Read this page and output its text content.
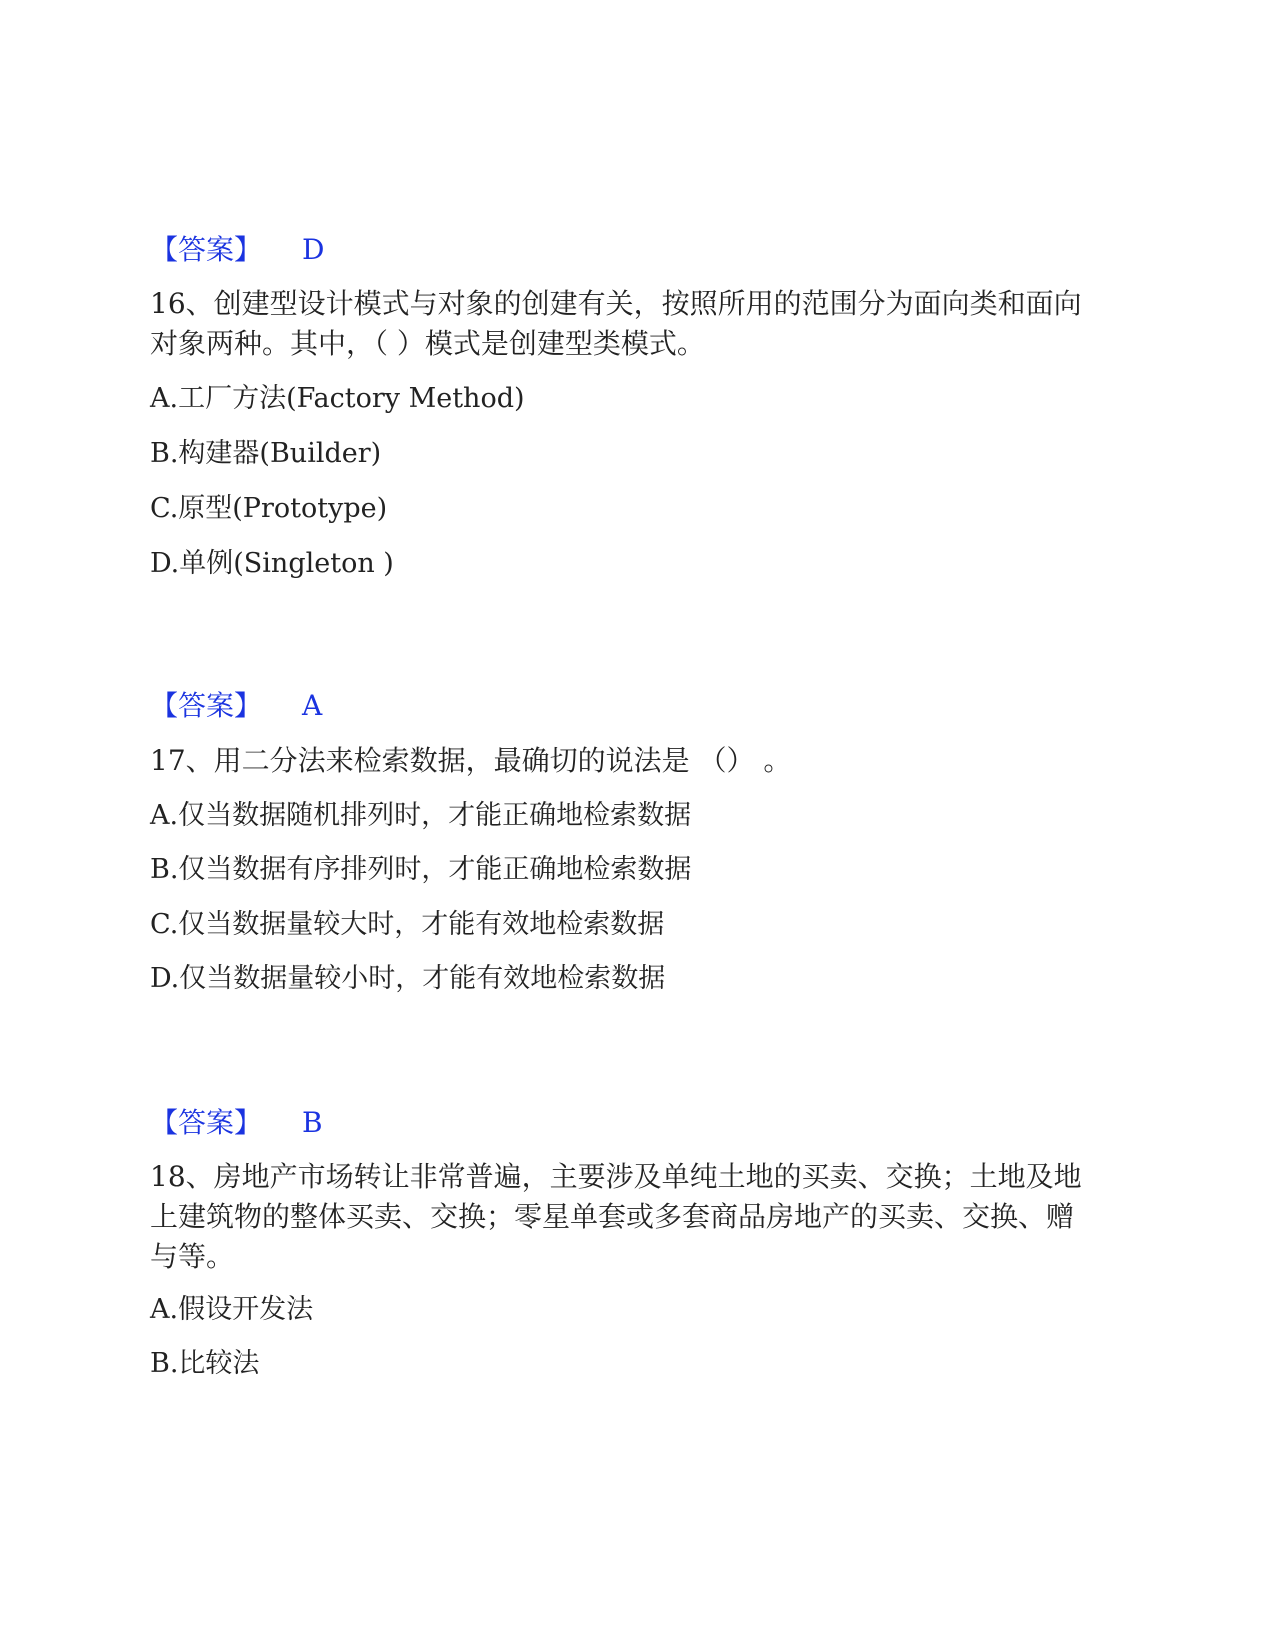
【答案】 D
16、创建型设计模式与对象的创建有关，按照所用的范围分为面向类和面向
对象两种。其中，（ ）模式是创建型类模式。
A.工厂方法(Factory Method)
B.构建器(Builder)
C.原型(Prototype)
D.单例(Singleton )
【答案】 A
17、用二分法来检索数据，最确切的说法是 （） 。
A.仅当数据随机排列时，才能正确地检索数据
B.仅当数据有序排列时，才能正确地检索数据
C.仅当数据量较大时，才能有效地检索数据
D.仅当数据量较小时，才能有效地检索数据
【答案】 B
18、房地产市场转让非常普遍，主要涉及单纯土地的买卖、交换；土地及地
上建筑物的整体买卖、交换；零星单套或多套商品房地产的买卖、交换、赠
与等。
A.假设开发法
B.比较法
